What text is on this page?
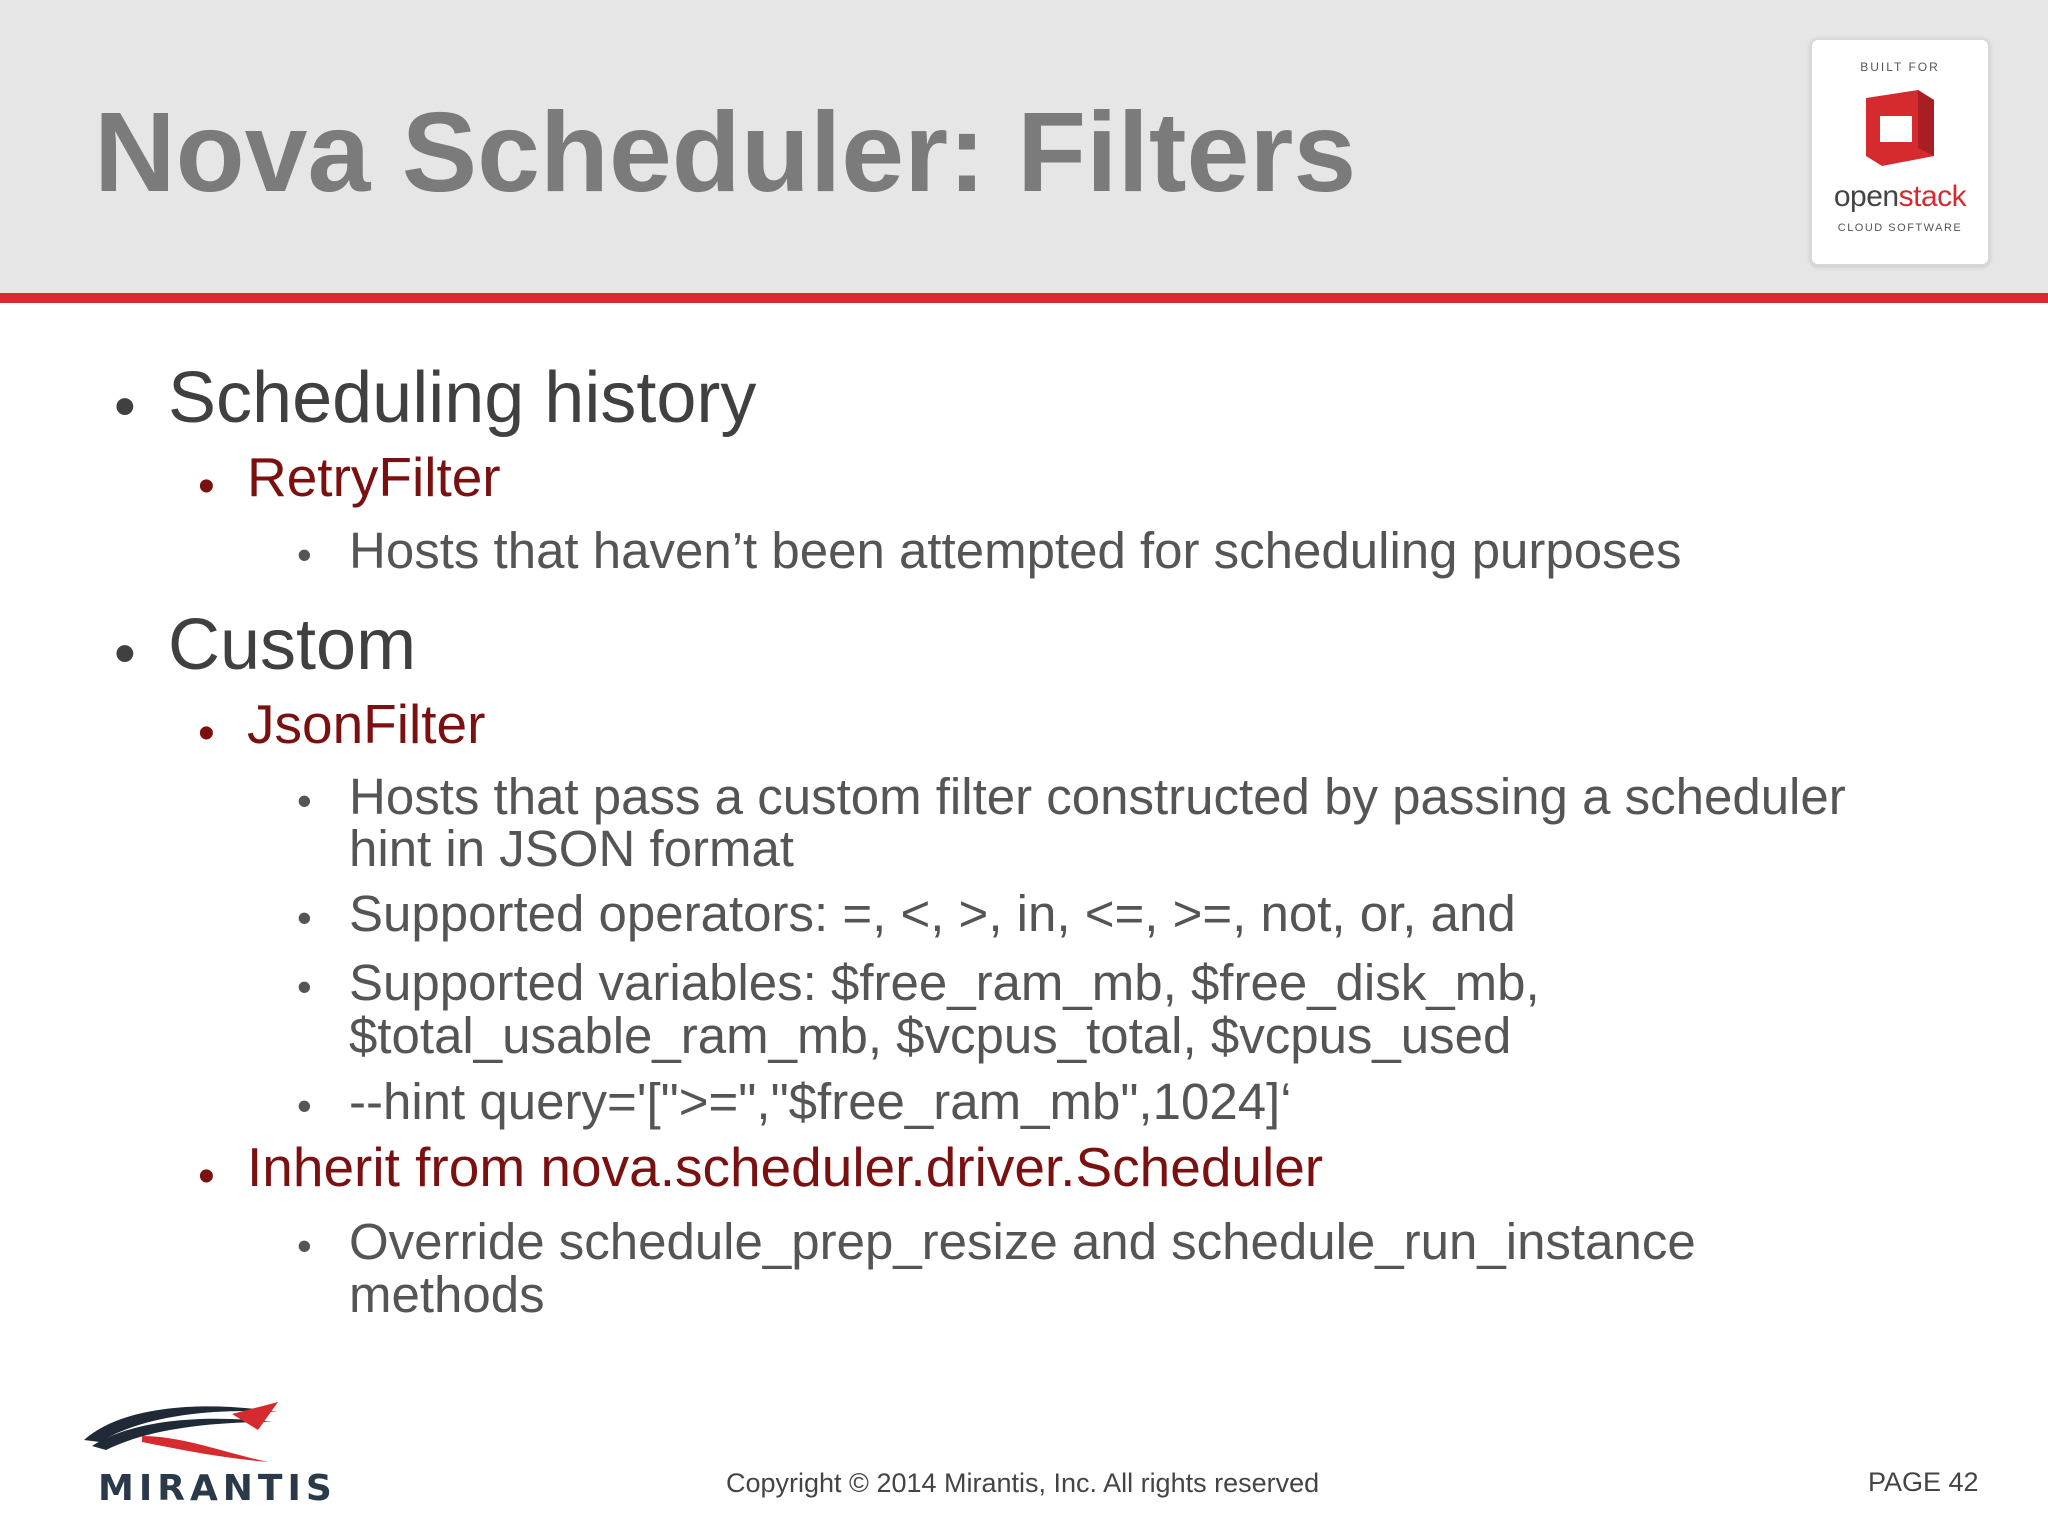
Nova Scheduler: Filters
BUILT FOR
openstack
CLOUD SOFTWARE
• Scheduling history
• RetryFilter
• Hosts that haven’t been attempted for scheduling purposes
• Custom
• JsonFilter
• Hosts that pass a custom filter constructed by passing a scheduler
hint in JSON format
• Supported operators: =, <, >, in, <=, >=, not, or, and
• Supported variables: $free_ram_mb, $free_disk_mb,
$total_usable_ram_mb, $vcpus_total, $vcpus_used
• --hint query='[">=","$free_ram_mb",1024]‘
• Inherit from nova.scheduler.driver.Scheduler
• Override schedule_prep_resize and schedule_run_instance
methods
MIRANTIS	Copyright © 2014 Mirantis, Inc. All rights reserved	PAGE 42
